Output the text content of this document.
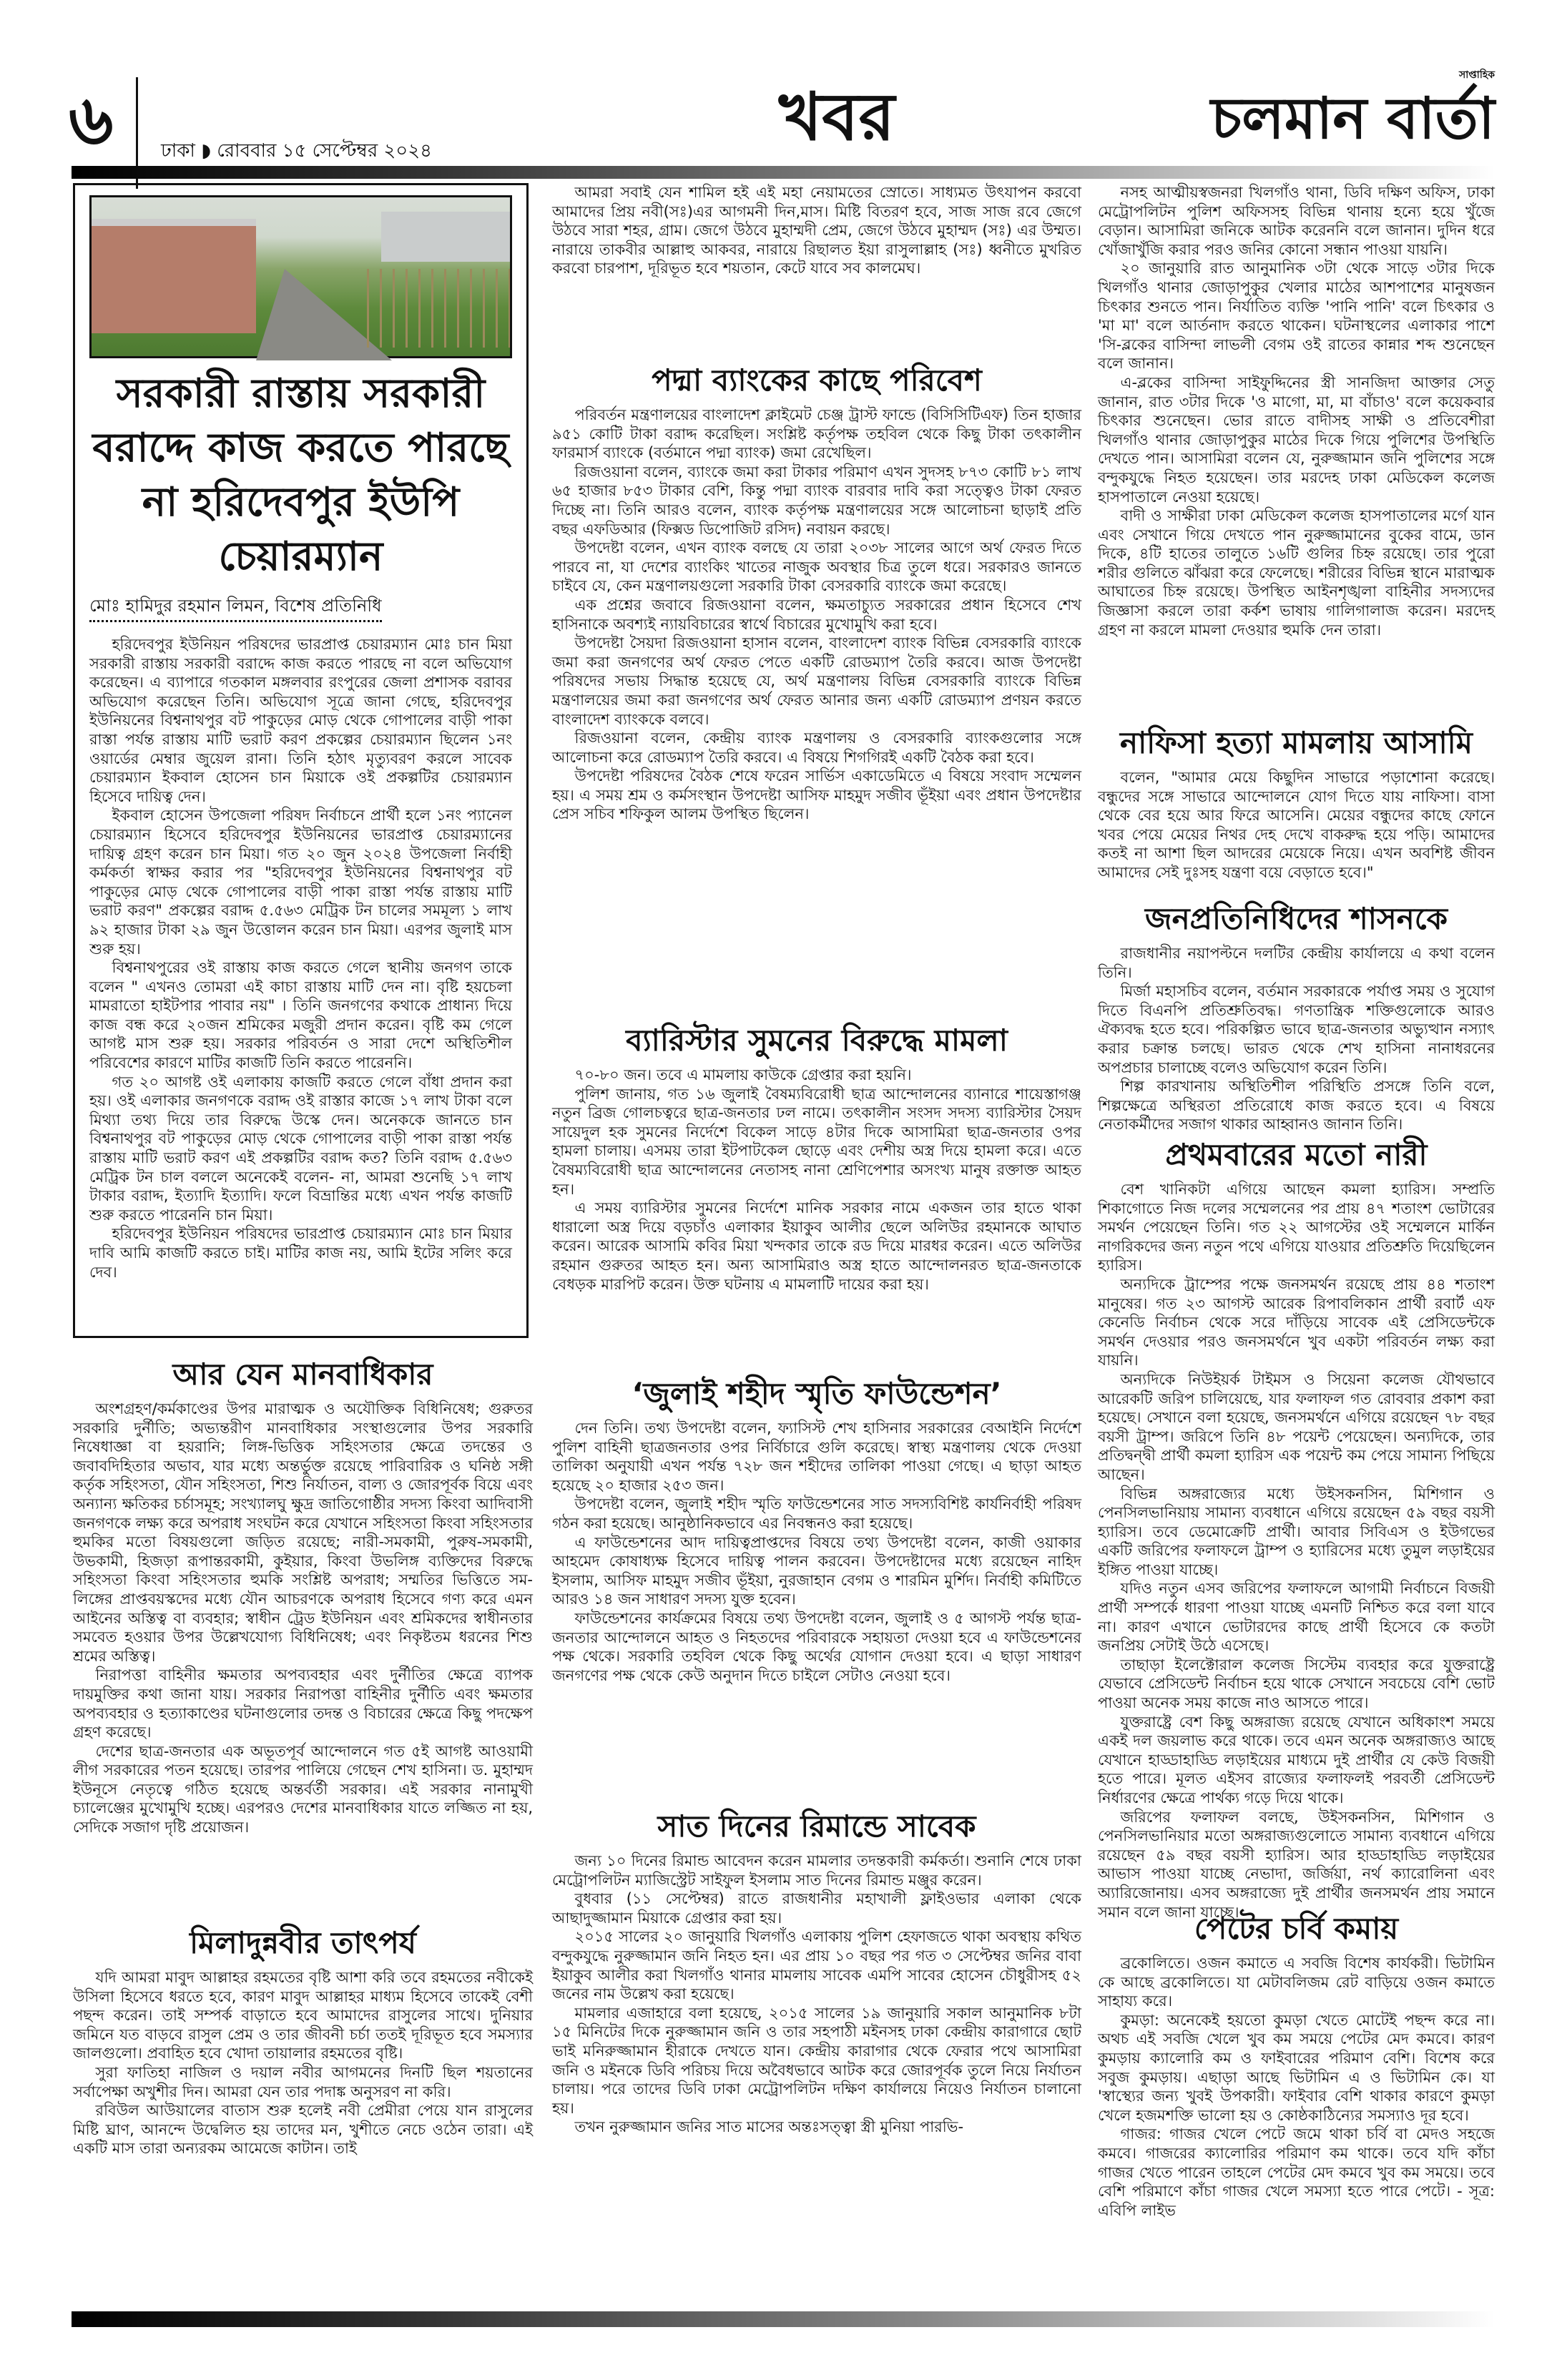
৬	ঢাকা ◗ রোববার ১৫ সেপ্টেম্বর ২০২৪	খবর
সাপ্তাহিক
চলমান বার্তা
সরকারী রাস্তায় সরকারী বরাদ্দে কাজ করতে পারছে না হরিদেবপুর ইউপি চেয়ারম্যান
মোঃ হামিদুর রহমান লিমন, বিশেষ প্রতিনিধি

হরিদেবপুর ইউনিয়ন পরিষদের ভারপ্রাপ্ত চেয়ারম্যান মোঃ চান মিয়া সরকারী রাস্তায় সরকারী বরাদ্দে কাজ করতে পারছে না বলে অভিযোগ করেছেন। এ ব্যাপারে গতকাল মঙ্গলবার রংপুরের জেলা প্রশাসক বরাবর অভিযোগ করেছেন তিনি। অভিযোগ সূত্রে জানা গেছে, হরিদেবপুর ইউনিয়নের বিশ্বনাথপুর বট পাকুড়ের মোড় থেকে গোপালের বাড়ী পাকা রাস্তা পর্যন্ত রাস্তায় মাটি ভরাট করণ প্রকল্পের চেয়ারম্যান ছিলেন ১নং ওয়ার্ডের মেম্বার জুয়েল রানা। তিনি হঠাৎ মৃত্যুবরণ করলে সাবেক চেয়ারম্যান ইকবাল হোসেন চান মিয়াকে ওই প্রকল্পটির চেয়ারম্যান হিসেবে দায়িত্ব দেন।

ইকবাল হোসেন উপজেলা পরিষদ নির্বাচনে প্রার্থী হলে ১নং প্যানেল চেয়ারম্যান হিসেবে হরিদেবপুর ইউনিয়নের ভারপ্রাপ্ত চেয়ারম্যানের দায়িত্ব গ্রহণ করেন চান মিয়া। গত ২০ জুন ২০২৪ উপজেলা নির্বাহী কর্মকর্তা স্বাক্ষর করার পর "হরিদেবপুর ইউনিয়নের বিশ্বনাথপুর বট পাকুড়ের মোড় থেকে গোপালের বাড়ী পাকা রাস্তা পর্যন্ত রাস্তায় মাটি ভরাট করণ" প্রকল্পের বরাদ্দ ৫.৫৬৩ মেট্রিক টন চালের সমমূল্য ১ লাখ ৯২ হাজার টাকা ২৯ জুন উত্তোলন করেন চান মিয়া। এরপর জুলাই মাস শুরু হয়।

বিশ্বনাথপুরের ওই রাস্তায় কাজ করতে গেলে স্থানীয় জনগণ তাকে বলেন " এখনও তোমরা এই কাচা রাস্তায় মাটি দেন না। বৃষ্টি হয়চেলা মামরাতো হাইটপার পাবার নয়" । তিনি জনগণের কথাকে প্রাধান্য দিয়ে কাজ বন্ধ করে ২০জন শ্রমিকের মজুরী প্রদান করেন। বৃষ্টি কম গেলে আগষ্ট মাস শুরু হয়। সরকার পরিবর্তন ও সারা দেশে অস্থিতিশীল পরিবেশের কারণে মাটির কাজটি তিনি করতে পারেননি।

গত ২০ আগষ্ট ওই এলাকায় কাজটি করতে গেলে বাঁধা প্রদান করা হয়। ওই এলাকার জনগণকে বরাদ্দ ওই রাস্তার কাজে ১৭ লাখ টাকা বলে মিথ্যা তথ্য দিয়ে তার বিরুদ্ধে উস্কে দেন। অনেককে জানতে চান বিশ্বনাথপুর বট পাকুড়ের মোড় থেকে গোপালের বাড়ী পাকা রাস্তা পর্যন্ত রাস্তায় মাটি ভরাট করণ এই প্রকল্পটির বরাদ্দ কত? তিনি বরাদ্দ ৫.৫৬৩ মেট্রিক টন চাল বললে অনেকেই বলেন- না, আমরা শুনেছি ১৭ লাখ টাকার বরাদ্দ, ইত্যাদি ইত্যাদি। ফলে বিভ্রান্তির মধ্যে এখন পর্যন্ত কাজটি শুরু করতে পারেননি চান মিয়া।

হরিদেবপুর ইউনিয়ন পরিষদের ভারপ্রাপ্ত চেয়ারম্যান মোঃ চান মিয়ার দাবি আমি কাজটি করতে চাই। মাটির কাজ নয়, আমি ইটের সলিং করে দেব।

আর যেন মানবাধিকার

অংশগ্রহণ/কর্মকাণ্ডের উপর মারাত্মক ও অযৌক্তিক বিধিনিষেধ; গুরুতর সরকারি দুর্নীতি; অভ্যন্তরীণ মানবাধিকার সংস্থাগুলোর উপর সরকারি নিষেধাজ্ঞা বা হয়রানি; লিঙ্গ-ভিত্তিক সহিংসতার ক্ষেত্রে তদন্তের ও জবাবদিহিতার অভাব, যার মধ্যে অন্তর্ভুক্ত রয়েছে পারিবারিক ও ঘনিষ্ঠ সঙ্গী কর্তৃক সহিংসতা, যৌন সহিংসতা, শিশু নির্যাতন, বাল্য ও জোরপূর্বক বিয়ে এবং অন্যান্য ক্ষতিকর চর্চাসমূহ; সংখ্যালঘু ক্ষুদ্র জাতিগোষ্ঠীর সদস্য কিংবা আদিবাসী জনগণকে লক্ষ্য করে অপরাধ সংঘটন করে যেখানে সহিংসতা কিংবা সহিংসতার হুমকির মতো বিষয়গুলো জড়িত রয়েছে; নারী-সমকামী, পুরুষ-সমকামী, উভকামী, হিজড়া রূপান্তরকামী, কুইয়ার, কিংবা উভলিঙ্গ ব্যক্তিদের বিরুদ্ধে সহিংসতা কিংবা সহিংসতার হুমকি সংশ্লিষ্ট অপরাধ; সম্মতির ভিত্তিতে সম-লিঙ্গের প্রাপ্তবয়স্কদের মধ্যে যৌন আচরণকে অপরাধ হিসেবে গণ্য করে এমন আইনের অস্তিত্ব বা ব্যবহার; স্বাধীন ট্রেড ইউনিয়ন এবং শ্রমিকদের স্বাধীনতার সমবেত হওয়ার উপর উল্লেখযোগ্য বিধিনিষেধ; এবং নিকৃষ্টতম ধরনের শিশু শ্রমের অস্তিত্ব।

নিরাপত্তা বাহিনীর ক্ষমতার অপব্যবহার এবং দুর্নীতির ক্ষেত্রে ব্যাপক দায়মুক্তির কথা জানা যায়। সরকার নিরাপত্তা বাহিনীর দুর্নীতি এবং ক্ষমতার অপব্যবহার ও হত্যাকাণ্ডের ঘটনাগুলোর তদন্ত ও বিচারের ক্ষেত্রে কিছু পদক্ষেপ গ্রহণ করেছে।

দেশের ছাত্র-জনতার এক অভূতপূর্ব আন্দোলনে গত ৫ই আগষ্ট আওয়ামী লীগ সরকারের পতন হয়েছে। তারপর পালিয়ে গেছেন শেখ হাসিনা। ড. মুহাম্মদ ইউনূসে নেতৃত্বে গঠিত হয়েছে অন্তর্বর্তী সরকার। এই সরকার নানামুখী চ্যালেঞ্জের মুখোমুখি হচ্ছে। এরপরও দেশের মানবাধিকার যাতে লজ্জিত না হয়, সেদিকে সজাগ দৃষ্টি প্রয়োজন।

মিলাদুন্নবীর তাৎপর্য

যদি আমরা মাবুদ আল্লাহর রহমতের বৃষ্টি আশা করি তবে রহমতের নবীকেই উসিলা হিসেবে ধরতে হবে, কারণ মাবুদ আল্লাহর মাধ্যম হিসেবে তাকেই বেশী পছন্দ করেন। তাই সম্পর্ক বাড়াতে হবে আমাদের রাসুলের সাথে। দুনিয়ার জমিনে যত বাড়বে রাসুল প্রেম ও তার জীবনী চর্চা ততই দূরিভূত হবে সমস্যার জালগুলো। প্রবাহিত হবে খোদা তায়ালার রহমতের বৃষ্টি।

সুরা ফাতিহা নাজিল ও দয়াল নবীর আগমনের দিনটি ছিল শয়তানের সর্বাপেক্ষা অখুশীর দিন। আমরা যেন তার পদাঙ্ক অনুসরণ না করি।

রবিউল আউয়ালের বাতাস শুরু হলেই নবী প্রেমীরা পেয়ে যান রাসুলের মিষ্টি ঘ্রাণ, আনন্দে উদ্বেলিত হয় তাদের মন, খুশীতে নেচে ওঠেন তারা। এই একটি মাস তারা অন্যরকম আমেজে কাটান। তাই

আমরা সবাই যেন শামিল হই এই মহা নেয়ামতের স্রোতে। সাধ্যমত উৎযাপন করবো আমাদের প্রিয় নবী(সঃ)এর আগমনী দিন,মাস। মিষ্টি বিতরণ হবে, সাজ সাজ রবে জেগে উঠবে সারা শহর, গ্রাম। জেগে উঠবে মুহাম্মদী প্রেম, জেগে উঠবে মুহাম্মদ (সঃ) এর উম্মত। নারায়ে তাকবীর আল্লাহু আকবর, নারায়ে রিছালত ইয়া রাসুলাল্লাহ (সঃ) ধ্বনীতে মুখরিত করবো চারপাশ, দূরিভূত হবে শয়তান, কেটে যাবে সব কালমেঘ।

পদ্মা ব্যাংকের কাছে পরিবেশ

পরিবর্তন মন্ত্রণালয়ের বাংলাদেশ ক্লাইমেট চেঞ্জ ট্রাস্ট ফান্ডে (বিসিসিটিএফ) তিন হাজার ৯৫১ কোটি টাকা বরাদ্দ করেছিল। সংশ্লিষ্ট কর্তৃপক্ষ তহবিল থেকে কিছু টাকা তৎকালীন ফারমার্স ব্যাংকে (বর্তমানে পদ্মা ব্যাংক) জমা রেখেছিল।

রিজওয়ানা বলেন, ব্যাংকে জমা করা টাকার পরিমাণ এখন সুদসহ ৮৭৩ কোটি ৮১ লাখ ৬৫ হাজার ৮৫৩ টাকার বেশি, কিন্তু পদ্মা ব্যাংক বারবার দাবি করা সত্ত্বেও টাকা ফেরত দিচ্ছে না। তিনি আরও বলেন, ব্যাংক কর্তৃপক্ষ মন্ত্রণালয়ের সঙ্গে আলোচনা ছাড়াই প্রতি বছর এফডিআর (ফিক্সড ডিপোজিট রসিদ) নবায়ন করছে।

উপদেষ্টা বলেন, এখন ব্যাংক বলছে যে তারা ২০৩৮ সালের আগে অর্থ ফেরত দিতে পারবে না, যা দেশের ব্যাংকিং খাতের নাজুক অবস্থার চিত্র তুলে ধরে। সরকারও জানতে চাইবে যে, কেন মন্ত্রণালয়গুলো সরকারি টাকা বেসরকারি ব্যাংকে জমা করেছে।

এক প্রশ্নের জবাবে রিজওয়ানা বলেন, ক্ষমতাচ্যুত সরকারের প্রধান হিসেবে শেখ হাসিনাকে অবশ্যই ন্যায়বিচারের স্বার্থে বিচারের মুখোমুখি করা হবে।

উপদেষ্টা সৈয়দা রিজওয়ানা হাসান বলেন, বাংলাদেশ ব্যাংক বিভিন্ন বেসরকারি ব্যাংকে জমা করা জনগণের অর্থ ফেরত পেতে একটি রোডম্যাপ তৈরি করবে। আজ উপদেষ্টা পরিষদের সভায় সিদ্ধান্ত হয়েছে যে, অর্থ মন্ত্রণালয় বিভিন্ন বেসরকারি ব্যাংকে বিভিন্ন মন্ত্রণালয়ের জমা করা জনগণের অর্থ ফেরত আনার জন্য একটি রোডম্যাপ প্রণয়ন করতে বাংলাদেশ ব্যাংককে বলবে।

রিজওয়ানা বলেন, কেন্দ্রীয় ব্যাংক মন্ত্রণালয় ও বেসরকারি ব্যাংকগুলোর সঙ্গে আলোচনা করে রোডম্যাপ তৈরি করবে। এ বিষয়ে শিগগিরই একটি বৈঠক করা হবে।

উপদেষ্টা পরিষদের বৈঠক শেষে ফরেন সার্ভিস একাডেমিতে এ বিষয়ে সংবাদ সম্মেলন হয়। এ সময় শ্রম ও কর্মসংস্থান উপদেষ্টা আসিফ মাহমুদ সজীব ভূঁইয়া এবং প্রধান উপদেষ্টার প্রেস সচিব শফিকুল আলম উপস্থিত ছিলেন।

ব্যারিস্টার সুমনের বিরুদ্ধে মামলা

৭০-৮০ জন। তবে এ মামলায় কাউকে গ্রেপ্তার করা হয়নি।

পুলিশ জানায়, গত ১৬ জুলাই বৈষম্যবিরোধী ছাত্র আন্দোলনের ব্যানারে শায়েস্তাগঞ্জ নতুন ব্রিজ গোলচত্বরে ছাত্র-জনতার ঢল নামে। তৎকালীন সংসদ সদস্য ব্যারিস্টার সৈয়দ সায়েদুল হক সুমনের নির্দেশে বিকেল সাড়ে ৪টার দিকে আসামিরা ছাত্র-জনতার ওপর হামলা চালায়। এসময় তারা ইটপাটকেল ছোড়ে এবং দেশীয় অস্ত্র দিয়ে হামলা করে। এতে বৈষম্যবিরোধী ছাত্র আন্দোলনের নেতাসহ নানা শ্রেণিপেশার অসংখ্য মানুষ রক্তাক্ত আহত হন।

এ সময় ব্যারিস্টার সুমনের নির্দেশে মানিক সরকার নামে একজন তার হাতে থাকা ধারালো অস্ত্র দিয়ে বড়চাঁও এলাকার ইয়াকুব আলীর ছেলে অলিউর রহমানকে আঘাত করেন। আরেক আসামি কবির মিয়া খন্দকার তাকে রড দিয়ে মারধর করেন। এতে অলিউর রহমান গুরুতর আহত হন। অন্য আসামিরাও অস্ত্র হাতে আন্দোলনরত ছাত্র-জনতাকে বেধড়ক মারপিট করেন। উক্ত ঘটনায় এ মামলাটি দায়ের করা হয়।

‘জুলাই শহীদ স্মৃতি ফাউন্ডেশন’

দেন তিনি। তথ্য উপদেষ্টা বলেন, ফ্যাসিস্ট শেখ হাসিনার সরকারের বেআইনি নির্দেশে পুলিশ বাহিনী ছাত্রজনতার ওপর নির্বিচারে গুলি করেছে। স্বাস্থ্য মন্ত্রণালয় থেকে দেওয়া তালিকা অনুযায়ী এখন পর্যন্ত ৭২৮ জন শহীদের তালিকা পাওয়া গেছে। এ ছাড়া আহত হয়েছে ২০ হাজার ২৫৩ জন।

উপদেষ্টা বলেন, জুলাই শহীদ স্মৃতি ফাউন্ডেশনের সাত সদস্যবিশিষ্ট কার্যনির্বাহী পরিষদ গঠন করা হয়েছে। আনুষ্ঠানিকভাবে এর নিবন্ধনও করা হয়েছে।

এ ফাউন্ডেশনের আদ দায়িত্বপ্রাপ্তদের বিষয়ে তথ্য উপদেষ্টা বলেন, কাজী ওয়াকার আহমেদ কোষাধ্যক্ষ হিসেবে দায়িত্ব পালন করবেন। উপদেষ্টাদের মধ্যে রয়েছেন নাহিদ ইসলাম, আসিফ মাহমুদ সজীব ভূঁইয়া, নুরজাহান বেগম ও শারমিন মুর্শিদ। নির্বাহী কমিটিতে আরও ১৪ জন সাধারণ সদস্য যুক্ত হবেন।

ফাউন্ডেশনের কার্যক্রমের বিষয়ে তথ্য উপদেষ্টা বলেন, জুলাই ও ৫ আগস্ট পর্যন্ত ছাত্র-জনতার আন্দোলনে আহত ও নিহতদের পরিবারকে সহায়তা দেওয়া হবে এ ফাউন্ডেশনের পক্ষ থেকে। সরকারি তহবিল থেকে কিছু অর্থের যোগান দেওয়া হবে। এ ছাড়া সাধারণ জনগণের পক্ষ থেকে কেউ অনুদান দিতে চাইলে সেটাও নেওয়া হবে।

সাত দিনের রিমান্ডে সাবেক

জন্য ১০ দিনের রিমান্ড আবেদন করেন মামলার তদন্তকারী কর্মকর্তা। শুনানি শেষে ঢাকা মেট্রোপলিটন ম্যাজিস্ট্রেট সাইফুল ইসলাম সাত দিনের রিমান্ড মঞ্জুর করেন।

বুধবার (১১ সেপ্টেম্বর) রাতে রাজধানীর মহাখালী ফ্লাইওভার এলাকা থেকে আছাদুজ্জামান মিয়াকে গ্রেপ্তার করা হয়।

২০১৫ সালের ২০ জানুয়ারি খিলগাঁও এলাকায় পুলিশ হেফাজতে থাকা অবস্থায় কথিত বন্দুকযুদ্ধে নুরুজ্জামান জনি নিহত হন। এর প্রায় ১০ বছর পর গত ৩ সেপ্টেম্বর জনির বাবা ইয়াকুব আলীর করা খিলগাঁও থানার মামলায় সাবেক এমপি সাবের হোসেন চৌধুরীসহ ৫২ জনের নাম উল্লেখ করা হয়েছে।

মামলার এজাহারে বলা হয়েছে, ২০১৫ সালের ১৯ জানুয়ারি সকাল আনুমানিক ৮টা ১৫ মিনিটের দিকে নুরুজ্জামান জনি ও তার সহপাঠী মইনসহ ঢাকা কেন্দ্রীয় কারাগারে ছোট ভাই মনিরুজ্জামান হীরাকে দেখতে যান। কেন্দ্রীয় কারাগার থেকে ফেরার পথে আসামিরা জনি ও মইনকে ডিবি পরিচয় দিয়ে অবৈধভাবে আটক করে জোরপূর্বক তুলে নিয়ে নির্যাতন চালায়। পরে তাদের ডিবি ঢাকা মেট্রোপলিটন দক্ষিণ কার্যালয়ে নিয়েও নির্যাতন চালানো হয়।

তখন নুরুজ্জামান জনির সাত মাসের অন্তঃসত্ত্বা স্ত্রী মুনিয়া পারভি-

নসহ আত্মীয়স্বজনরা খিলগাঁও থানা, ডিবি দক্ষিণ অফিস, ঢাকা মেট্রোপলিটন পুলিশ অফিসসহ বিভিন্ন থানায় হন্যে হয়ে খুঁজে বেড়ান। আসামিরা জনিকে আটক করেননি বলে জানান। দুদিন ধরে খোঁজাখুঁজি করার পরও জনির কোনো সন্ধান পাওয়া যায়নি।

২০ জানুয়ারি রাত আনুমানিক ৩টা থেকে সাড়ে ৩টার দিকে খিলগাঁও থানার জোড়াপুকুর খেলার মাঠের আশপাশের মানুষজন চিৎকার শুনতে পান। নির্যাতিত ব্যক্তি 'পানি পানি' বলে চিৎকার ও 'মা মা' বলে আর্তনাদ করতে থাকেন। ঘটনাস্থলের এলাকার পাশে 'সি-ব্লকের বাসিন্দা লাভলী বেগম ওই রাতের কান্নার শব্দ শুনেছেন বলে জানান।

এ-ব্লকের বাসিন্দা সাইফুদ্দিনের স্ত্রী সানজিদা আক্তার সেতু জানান, রাত ৩টার দিকে 'ও মাগো, মা, মা বাঁচাও' বলে কয়েকবার চিৎকার শুনেছেন। ভোর রাতে বাদীসহ সাক্ষী ও প্রতিবেশীরা খিলগাঁও থানার জোড়াপুকুর মাঠের দিকে গিয়ে পুলিশের উপস্থিতি দেখতে পান। আসামিরা বলেন যে, নুরুজ্জামান জনি পুলিশের সঙ্গে বন্দুকযুদ্ধে নিহত হয়েছেন। তার মরদেহ ঢাকা মেডিকেল কলেজ হাসপাতালে নেওয়া হয়েছে।

বাদী ও সাক্ষীরা ঢাকা মেডিকেল কলেজ হাসপাতালের মর্গে যান এবং সেখানে গিয়ে দেখতে পান নুরুজ্জামানের বুকের বামে, ডান দিকে, ৪টি হাতের তালুতে ১৬টি গুলির চিহ্ন রয়েছে। তার পুরো শরীর গুলিতে ঝাঁঝরা করে ফেলেছে। শরীরের বিভিন্ন স্থানে মারাত্মক আঘাতের চিহ্ন রয়েছে। উপস্থিত আইনশৃঙ্খলা বাহিনীর সদস্যদের জিজ্ঞাসা করলে তারা কর্কশ ভাষায় গালিগালাজ করেন। মরদেহ গ্রহণ না করলে মামলা দেওয়ার হুমকি দেন তারা।

নাফিসা হত্যা মামলায় আসামি

বলেন, "আমার মেয়ে কিছুদিন সাভারে পড়াশোনা করেছে। বন্ধুদের সঙ্গে সাভারে আন্দোলনে যোগ দিতে যায় নাফিসা। বাসা থেকে বের হয়ে আর ফিরে আসেনি। মেয়ের বন্ধুদের কাছে ফোনে খবর পেয়ে মেয়ের নিথর দেহ দেখে বাকরুদ্ধ হয়ে পড়ি। আমাদের কতই না আশা ছিল আদরের মেয়েকে নিয়ে। এখন অবশিষ্ট জীবন আমাদের সেই দুঃসহ যন্ত্রণা বয়ে বেড়াতে হবে।"

জনপ্রতিনিধিদের শাসনকে

রাজধানীর নয়াপল্টনে দলটির কেন্দ্রীয় কার্যালয়ে এ কথা বলেন তিনি।

মির্জা মহাসচিব বলেন, বর্তমান সরকারকে পর্যাপ্ত সময় ও সুযোগ দিতে বিএনপি প্রতিশ্রুতিবদ্ধ। গণতান্ত্রিক শক্তিগুলোকে আরও ঐক্যবদ্ধ হতে হবে। পরিকল্পিত ভাবে ছাত্র-জনতার অভ্যুত্থান নস্যাৎ করার চক্রান্ত চলছে। ভারত থেকে শেখ হাসিনা নানাধরনের অপপ্রচার চালাচ্ছে বলেও অভিযোগ করেন তিনি।

শিল্প কারখানায় অস্থিতিশীল পরিস্থিতি প্রসঙ্গে তিনি বলে, শিল্পক্ষেত্রে অস্থিরতা প্রতিরোধে কাজ করতে হবে। এ বিষয়ে নেতাকর্মীদের সজাগ থাকার আহ্বানও জানান তিনি।

প্রথমবারের মতো নারী

বেশ খানিকটা এগিয়ে আছেন কমলা হ্যারিস। সম্প্রতি শিকাগোতে নিজ দলের সম্মেলনের পর প্রায় ৪৭ শতাংশ ভোটারের সমর্থন পেয়েছেন তিনি। গত ২২ আগস্টের ওই সম্মেলনে মার্কিন নাগরিকদের জন্য নতুন পথে এগিয়ে যাওয়ার প্রতিশ্রুতি দিয়েছিলেন হ্যারিস।

অন্যদিকে ট্রাম্পের পক্ষে জনসমর্থন রয়েছে প্রায় ৪৪ শতাংশ মানুষের। গত ২৩ আগস্ট আরেক রিপাবলিকান প্রার্থী রবার্ট এফ কেনেডি নির্বাচন থেকে সরে দাঁড়িয়ে সাবেক এই প্রেসিডেন্টকে সমর্থন দেওয়ার পরও জনসমর্থনে খুব একটা পরিবর্তন লক্ষ্য করা যায়নি।

অন্যদিকে নিউইয়র্ক টাইমস ও সিয়েনা কলেজ যৌথভাবে আরেকটি জরিপ চালিয়েছে, যার ফলাফল গত রোববার প্রকাশ করা হয়েছে। সেখানে বলা হয়েছে, জনসমর্থনে এগিয়ে রয়েছেন ৭৮ বছর বয়সী ট্রাম্প। জরিপে তিনি ৪৮ পয়েন্ট পেয়েছেন। অন্যদিকে, তার প্রতিদ্বন্দ্বী প্রার্থী কমলা হ্যারিস এক পয়েন্ট কম পেয়ে সামান্য পিছিয়ে আছেন।

বিভিন্ন অঙ্গরাজ্যের মধ্যে উইসকনসিন, মিশিগান ও পেনসিলভানিয়ায় সামান্য ব্যবধানে এগিয়ে রয়েছেন ৫৯ বছর বয়সী হ্যারিস। তবে ডেমোক্রেটি প্রার্থী। আবার সিবিএস ও ইউগভের একটি জরিপের ফলাফলে ট্রাম্প ও হ্যারিসের মধ্যে তুমুল লড়াইয়ের ইঙ্গিত পাওয়া যাচ্ছে।

যদিও নতুন এসব জরিপের ফলাফলে আগামী নির্বাচনে বিজয়ী প্রার্থী সম্পর্কে ধারণা পাওয়া যাচ্ছে এমনটি নিশ্চিত করে বলা যাবে না। কারণ এখানে ভোটারদের কাছে প্রার্থী হিসেবে কে কতটা জনপ্রিয় সেটাই উঠে এসেছে।

তাছাড়া ইলেক্টোরাল কলেজ সিস্টেম ব্যবহার করে যুক্তরাষ্ট্রে যেভাবে প্রেসিডেন্ট নির্বাচন হয়ে থাকে সেখানে সবচেয়ে বেশি ভোট পাওয়া অনেক সময় কাজে নাও আসতে পারে।

যুক্তরাষ্ট্রে বেশ কিছু অঙ্গরাজ্য রয়েছে যেখানে অধিকাংশ সময়ে একই দল জয়লাভ করে থাকে। তবে এমন অনেক অঙ্গরাজ্যও আছে যেখানে হাড্ডাহাড্ডি লড়াইয়ের মাধ্যমে দুই প্রার্থীর যে কেউ বিজয়ী হতে পারে। মূলত এইসব রাজ্যের ফলাফলই পরবর্তী প্রেসিডেন্ট নির্ধারণের ক্ষেত্রে পার্থক্য গড়ে দিয়ে থাকে।

জরিপের ফলাফল বলছে, উইসকনসিন, মিশিগান ও পেনসিলভানিয়ার মতো অঙ্গরাজ্যগুলোতে সামান্য ব্যবধানে এগিয়ে রয়েছেন ৫৯ বছর বয়সী হ্যারিস। আর হাড্ডাহাড্ডি লড়াইয়ের আভাস পাওয়া যাচ্ছে নেভাদা, জর্জিয়া, নর্থ ক্যারোলিনা এবং অ্যারিজোনায়। এসব অঙ্গরাজ্যে দুই প্রার্থীর জনসমর্থন প্রায় সমানে সমান বলে জানা যাচ্ছে।

পেটের চর্বি কমায়

ব্রকোলিতে। ওজন কমাতে এ সবজি বিশেষ কার্যকরী। ভিটামিন কে আছে ব্রকোলিতে। যা মেটাবলিজম রেট বাড়িয়ে ওজন কমাতে সাহায্য করে।

কুমড়া: অনেকেই হয়তো কুমড়া খেতে মোটেই পছন্দ করে না। অথচ এই সবজি খেলে খুব কম সময়ে পেটের মেদ কমবে। কারণ কুমড়ায় ক্যালোরি কম ও ফাইবারের পরিমাণ বেশি। বিশেষ করে সবুজ কুমড়ায়। এছাড়া আছে ভিটামিন এ ও ভিটামিন কে। যা 'স্বাস্থ্যের জন্য খুবই উপকারী। ফাইবার বেশি থাকার কারণে কুমড়া খেলে হজমশক্তি ভালো হয় ও কোষ্ঠকাঠিন্যের সমস্যাও দূর হবে।

গাজর: গাজর খেলে পেটে জমে থাকা চর্বি বা মেদও সহজে কমবে। গাজরের ক্যালোরির পরিমাণ কম থাকে। তবে যদি কাঁচা গাজর খেতে পারেন তাহলে পেটের মেদ কমবে খুব কম সময়ে। তবে বেশি পরিমাণে কাঁচা গাজর খেলে সমস্যা হতে পারে পেটে। - সূত্র: এবিপি লাইভ
